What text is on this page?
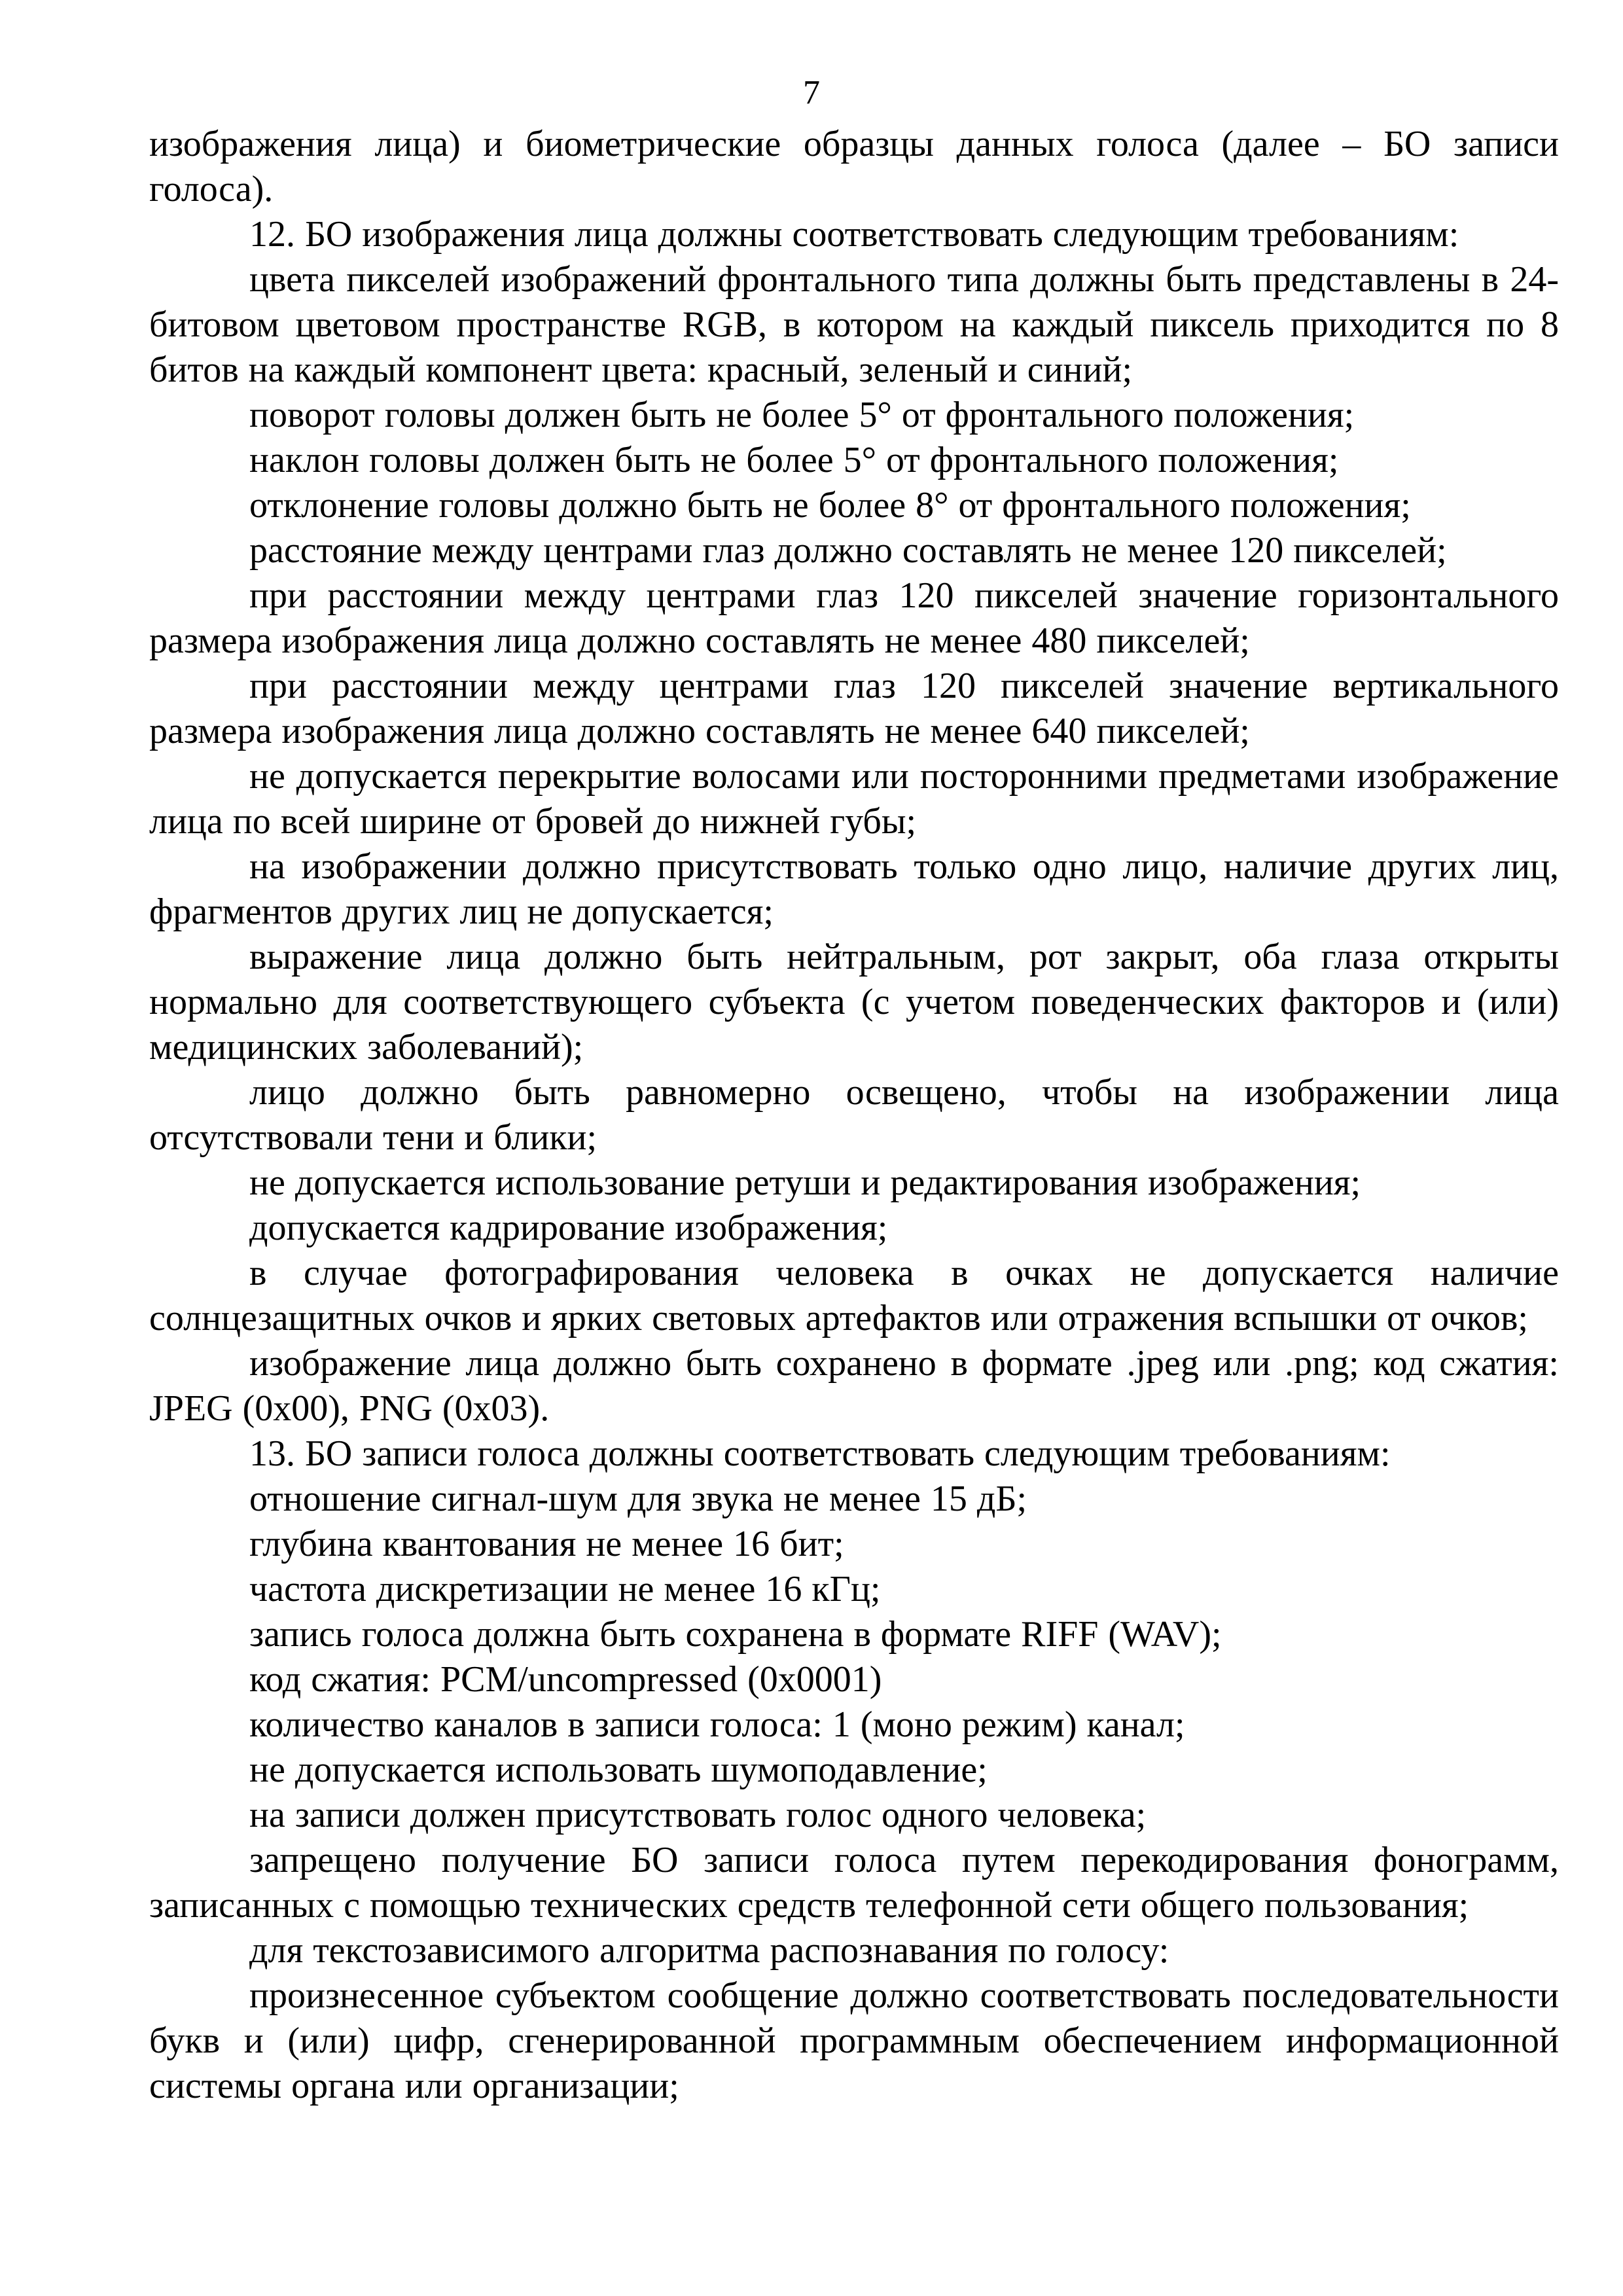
7

изображения лица) и биометрические образцы данных голоса (далее – БО записи голоса).

12. БО изображения лица должны соответствовать следующим требованиям:

цвета пикселей изображений фронтального типа должны быть представлены в 24-битовом цветовом пространстве RGB, в котором на каждый пиксель приходится по 8 битов на каждый компонент цвета: красный, зеленый и синий;

поворот головы должен быть не более 5° от фронтального положения;

наклон головы должен быть не более 5° от фронтального положения;

отклонение головы должно быть не более 8° от фронтального положения;

расстояние между центрами глаз должно составлять не менее 120 пикселей;

при расстоянии между центрами глаз 120 пикселей значение горизонтального размера изображения лица должно составлять не менее 480 пикселей;

при расстоянии между центрами глаз 120 пикселей значение вертикального размера изображения лица должно составлять не менее 640 пикселей;

не допускается перекрытие волосами или посторонними предметами изображение лица по всей ширине от бровей до нижней губы;

на изображении должно присутствовать только одно лицо, наличие других лиц, фрагментов других лиц не допускается;

выражение лица должно быть нейтральным, рот закрыт, оба глаза открыты нормально для соответствующего субъекта (с учетом поведенческих факторов и (или) медицинских заболеваний);

лицо должно быть равномерно освещено, чтобы на изображении лица отсутствовали тени и блики;

не допускается использование ретуши и редактирования изображения;

допускается кадрирование изображения;

в случае фотографирования человека в очках не допускается наличие солнцезащитных очков и ярких световых артефактов или отражения вспышки от очков;

изображение лица должно быть сохранено в формате .jpeg или .png; код сжатия: JPEG (0x00), PNG (0x03).

13. БО записи голоса должны соответствовать следующим требованиям:

отношение сигнал-шум для звука не менее 15 дБ;

глубина квантования не менее 16 бит;

частота дискретизации не менее 16 кГц;

запись голоса должна быть сохранена в формате RIFF (WAV);

код сжатия: PCM/uncompressed (0x0001)

количество каналов в записи голоса: 1 (моно режим) канал;

не допускается использовать шумоподавление;

на записи должен присутствовать голос одного человека;

запрещено получение БО записи голоса путем перекодирования фонограмм, записанных с помощью технических средств телефонной сети общего пользования;

для текстозависимого алгоритма распознавания по голосу:

произнесенное субъектом сообщение должно соответствовать последовательности букв и (или) цифр, сгенерированной программным обеспечением информационной системы органа или организации;
